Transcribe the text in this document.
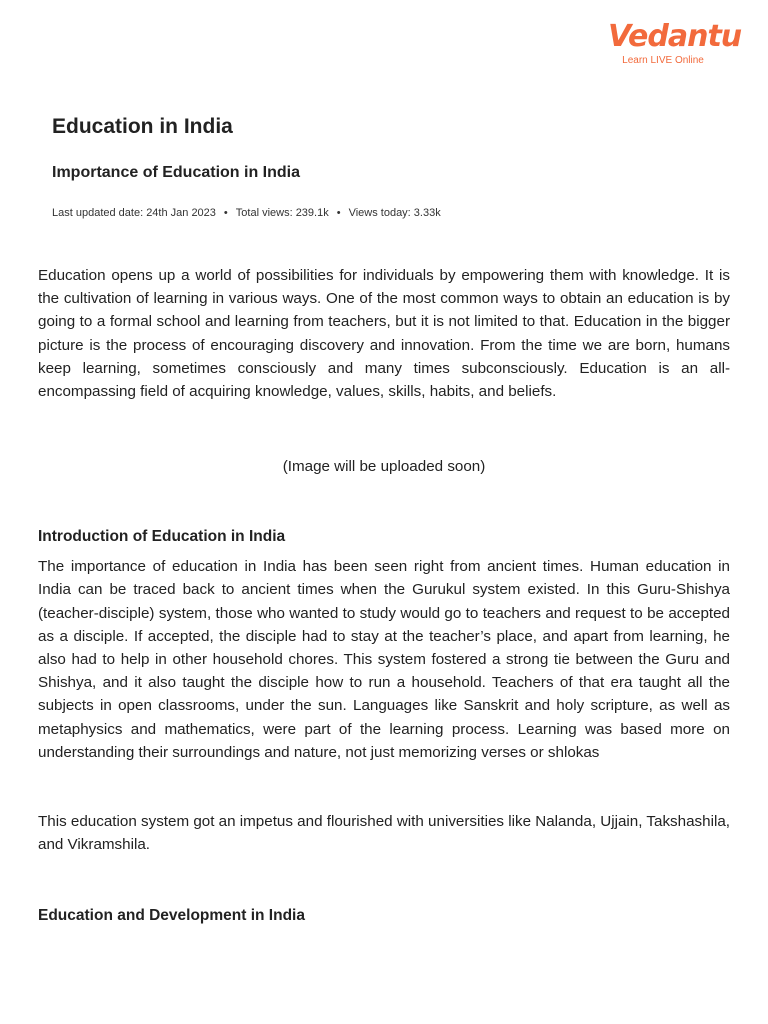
Vedantu
Learn LIVE Online
Education in India
Importance of Education in India
Last updated date: 24th Jan 2023 • Total views: 239.1k • Views today: 3.33k

Education opens up a world of possibilities for individuals by empowering them with knowledge. It is the cultivation of learning in various ways. One of the most common ways to obtain an education is by going to a formal school and learning from teachers, but it is not limited to that. Education in the bigger picture is the process of encouraging discovery and innovation. From the time we are born, humans keep learning, sometimes consciously and many times subconsciously. Education is an all-encompassing field of acquiring knowledge, values, skills, habits, and beliefs.

(Image will be uploaded soon)

Introduction of Education in India

The importance of education in India has been seen right from ancient times. Human education in India can be traced back to ancient times when the Gurukul system existed. In this Guru-Shishya (teacher-disciple) system, those who wanted to study would go to teachers and request to be accepted as a disciple. If accepted, the disciple had to stay at the teacher’s place, and apart from learning, he also had to help in other household chores. This system fostered a strong tie between the Guru and Shishya, and it also taught the disciple how to run a household. Teachers of that era taught all the subjects in open classrooms, under the sun. Languages like Sanskrit and holy scripture, as well as metaphysics and mathematics, were part of the learning process. Learning was based more on understanding their surroundings and nature, not just memorizing verses or shlokas

This education system got an impetus and flourished with universities like Nalanda, Ujjain, Takshashila, and Vikramshila.

Education and Development in India
